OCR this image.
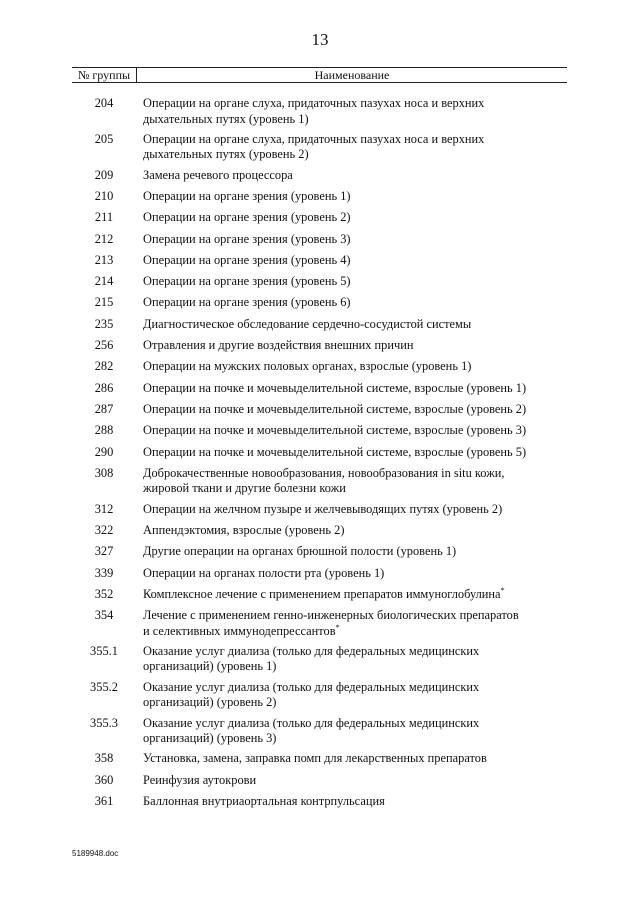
13
№ группы	Наименование
204	Операции на органе слуха, придаточных пазухах носа и верхних
дыхательных путях (уровень 1)
205	Операции на органе слуха, придаточных пазухах носа и верхних
дыхательных путях (уровень 2)
209	Замена речевого процессора
210	Операции на органе зрения (уровень 1)
211	Операции на органе зрения (уровень 2)
212	Операции на органе зрения (уровень 3)
213	Операции на органе зрения (уровень 4)
214	Операции на органе зрения (уровень 5)
215	Операции на органе зрения (уровень 6)
235	Диагностическое обследование сердечно-сосудистой системы
256	Отравления и другие воздействия внешних причин
282	Операции на мужских половых органах, взрослые (уровень 1)
286	Операции на почке и мочевыделительной системе, взрослые (уровень 1)
287	Операции на почке и мочевыделительной системе, взрослые (уровень 2)
288	Операции на почке и мочевыделительной системе, взрослые (уровень 3)
290	Операции на почке и мочевыделительной системе, взрослые (уровень 5)
308	Доброкачественные новообразования, новообразования in situ кожи,
жировой ткани и другие болезни кожи
312	Операции на желчном пузыре и желчевыводящих путях (уровень 2)
322	Аппендэктомия, взрослые (уровень 2)
327	Другие операции на органах брюшной полости (уровень 1)
339	Операции на органах полости рта (уровень 1)
352	Комплексное лечение с применением препаратов иммуноглобулина*
354	Лечение с применением генно-инженерных биологических препаратов
и селективных иммунодепрессантов*
355.1	Оказание услуг диализа (только для федеральных медицинских
организаций) (уровень 1)
355.2	Оказание услуг диализа (только для федеральных медицинских
организаций) (уровень 2)
355.3	Оказание услуг диализа (только для федеральных медицинских
организаций) (уровень 3)
358	Установка, замена, заправка помп для лекарственных препаратов
360	Реинфузия аутокрови
361	Баллонная внутриаортальная контрпульсация
5189948.doc
